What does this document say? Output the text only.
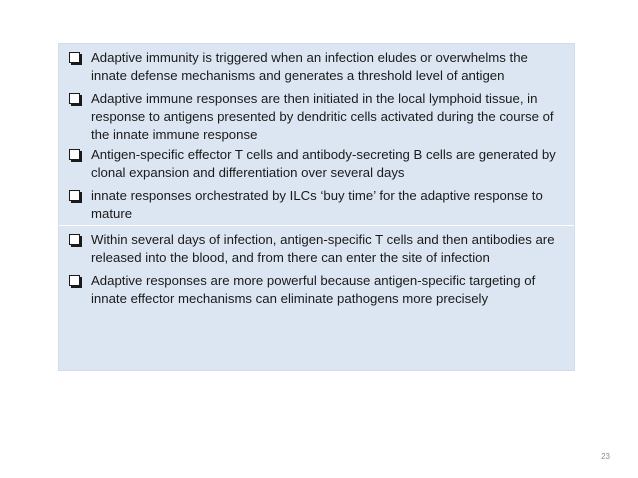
Adaptive immunity is triggered when an infection eludes or overwhelms the innate defense mechanisms and generates a threshold level of antigen
Adaptive immune responses are then initiated in the local lymphoid tissue, in response to antigens presented by dendritic cells activated during the course of the innate immune response
Antigen-specific effector T cells and antibody-secreting B cells are generated by clonal expansion and differentiation over several days
innate responses orchestrated by ILCs ‘buy time’ for the adaptive response to mature
Within several days of infection, antigen-specific T cells and then antibodies are released into the blood, and from there can enter the site of infection
Adaptive responses are more powerful because antigen-specific targeting of innate effector mechanisms can eliminate pathogens more precisely
23
